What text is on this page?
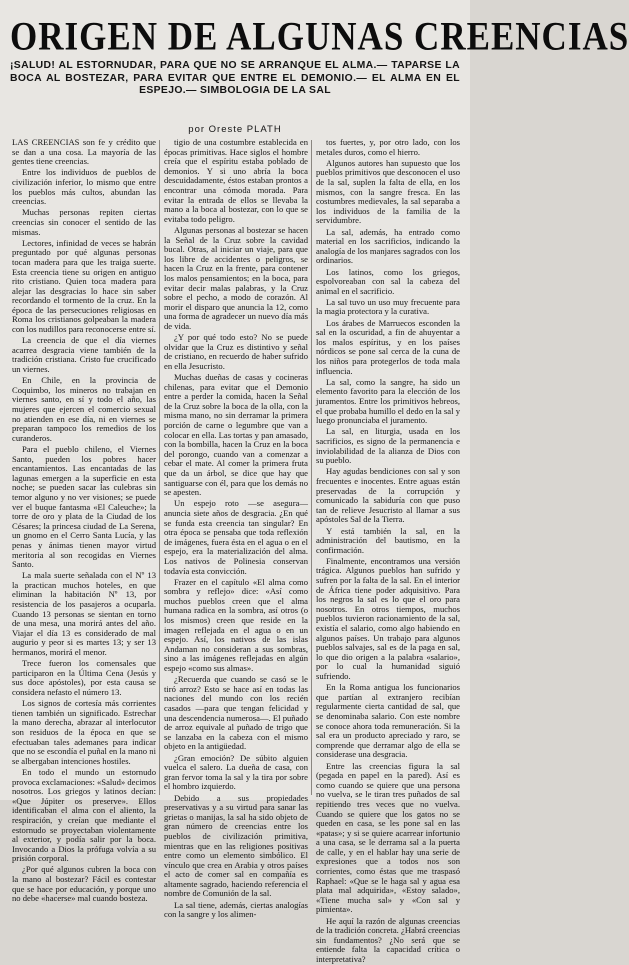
ORIGEN DE ALGUNAS CREENCIAS
¡SALUD! AL ESTORNUDAR, PARA QUE NO SE ARRANQUE EL ALMA.— TAPARSE LA BOCA AL BOSTEZAR, PARA EVITAR QUE ENTRE EL DEMONIO.— EL ALMA EN EL ESPEJO.— SIMBOLOGIA DE LA SAL
por Oreste PLATH

LAS CREENCIAS son fe y crédito que se dan a una cosa. La mayoría de las gentes tiene creencias.

Entre los individuos de pueblos de civilización inferior, lo mismo que entre los pueblos más cultos, abundan las creencias.

Muchas personas repiten ciertas creencias sin conocer el sentido de las mismas.

Lectores, infinidad de veces se habrán preguntado por qué algunas personas tocan madera para que les traiga suerte. Esta creencia tiene su origen en antiguo rito cristiano. Quien toca madera para alejar las desgracias lo hace sin saber recordando el tormento de la cruz. En la época de las persecuciones religiosas en Roma los cristianos golpeaban la madera con los nudillos para reconocerse entre sí.

La creencia de que el día viernes acarrea desgracia viene también de la tradición cristiana. Cristo fue crucificado un viernes.

En Chile, en la provincia de Coquimbo, los mineros no trabajan en viernes santo, en sí y todo el año, las mujeres que ejercen el comercio sexual no atienden en ese día, ni en viernes se preparan tampoco los remedios de los curanderos.

Para el pueblo chileno, el Viernes Santo, pueden los pobres hacer encantamientos. Las encantadas de las lagunas emergen a la superficie en esta noche; se pueden sacar las culebras sin temor alguno y no ver visiones; se puede ver el buque fantasma «El Caleuche»; la torre de oro y plata de la Ciudad de los Césares; la princesa ciudad de La Serena, un gnomo en el Cerro Santa Lucía, y las penas y ánimas tienen mayor virtud meritoria al son recogidas en Viernes Santo.

La mala suerte señalada con el Nº 13 la practican muchos hoteles, en que eliminan la habitación Nº 13, por resistencia de los pasajeros a ocuparla. Cuando 13 personas se sientan en torno de una mesa, una morirá antes del año. Viajar el día 13 es considerado de mal augurio y peor si es martes 13; y ser 13 hermanos, morirá el menor.

Trece fueron los comensales que participaron en la Última Cena (Jesús y sus doce apóstoles), por esta causa se considera nefasto el número 13.

Los signos de cortesía más corrientes tienen también un significado. Estrechar la mano derecha, abrazar al interlocutor son residuos de la época en que se efectuaban tales ademanes para indicar que no se escondía el puñal en la mano ni se albergaban intenciones hostiles.

En todo el mundo un estornudo provoca exclamaciones: «Salud» decimos nosotros. Los griegos y latinos decían: «Que Júpiter os preserve». Ellos identificaban el alma con el aliento, la respiración, y creían que mediante el estornudo se proyectaban violentamente al exterior, y podía salir por la boca. Invocando a Dios la prófuga volvía a su prisión corporal.

¿Por qué algunos cubren la boca con la mano al bostezar? Fácil es contestar que se hace por educación, y porque uno no debe «hacerse» mal cuando bosteza.

tigio de una costumbre establecida en épocas primitivas. Hace siglos el hombre creía que el espíritu estaba poblado de demonios. Y si uno abría la boca descuidadamente, éstos estaban prontos a encontrar una cómoda morada. Para evitar la entrada de ellos se llevaba la mano a la boca al bostezar, con lo que se evitaba todo peligro.

Algunas personas al bostezar se hacen la Señal de la Cruz sobre la cavidad bucal. Otras, al iniciar un viaje, para que los libre de accidentes o peligros, se hacen la Cruz en la frente, para contener los malos pensamientos; en la boca, para evitar decir malas palabras, y la Cruz sobre el pecho, a modo de corazón. Al morir el disparo que anuncia la 12, como una forma de agradecer un nuevo día más de vida.

¿Y por qué todo esto? No se puede olvidar que la Cruz es distintivo y señal de cristiano, en recuerdo de haber sufrido en ella Jesucristo.

Muchas dueñas de casas y cocineras chilenas, para evitar que el Demonio entre a perder la comida, hacen la Señal de la Cruz sobre la boca de la olla, con la misma mano, no sin derramar la primera porción de carne o legumbre que van a colocar en ella. Las tortas y pan amasado, con la bombilla, hacen la Cruz en la boca del porongo, cuando van a comenzar a cebar el mate. Al comer la primera fruta que da un árbol, se dice que hay que santiguarse con él, para que los demás no se apesten.

Un espejo roto —se asegura— anuncia siete años de desgracia. ¿En qué se funda esta creencia tan singular? En otra época se pensaba que toda reflexión de imágenes, fuera ésta en el agua o en el espejo, era la materialización del alma. Los nativos de Polinesia conservan todavía esta convicción.

Frazer en el capítulo «El alma como sombra y reflejo» dice: «Así como muchos pueblos creen que el alma humana radica en la sombra, así otros (o los mismos) creen que reside en la imagen reflejada en el agua o en un espejo. Así, los nativos de las islas Andaman no consideran a sus sombras, sino a las imágenes reflejadas en algún espejo «como sus almas».

¿Recuerda que cuando se casó se le tiró arroz? Esto se hace así en todas las naciones del mundo con los recién casados —para que tengan felicidad y una descendencia numerosa—. El puñado de arroz equivale al puñado de trigo que se lanzaba en la cabeza con el mismo objeto en la antigüedad.

¿Gran emoción? De súbito alguien vuelca el salero. La dueña de casa, con gran fervor toma la sal y la tira por sobre el hombro izquierdo.

Debido a sus propiedades preservativas y a su virtud para sanar las grietas o manijas, la sal ha sido objeto de gran número de creencias entre los pueblos de civilización primitiva, mientras que en las religiones positivas entre como un elemento simbólico. El vínculo que crea en Arabia y otros países el acto de comer sal en compañía es altamente sagrado, haciendo referencia el nombre de Comunión de la sal.

La sal tiene, además, ciertas analogías con la sangre y los alimen-

tos fuertes, y, por otro lado, con los metales duros, como el hierro.

Algunos autores han supuesto que los pueblos primitivos que desconocen el uso de la sal, suplen la falta de ella, en los mismos, con la sangre fresca. En las costumbres medievales, la sal separaba a los individuos de la familia de la servidumbre.

La sal, además, ha entrado como material en los sacrificios, indicando la analogía de los manjares sagrados con los ordinarios.

Los latinos, como los griegos, espolvoreaban con sal la cabeza del animal en el sacrificio.

La sal tuvo un uso muy frecuente para la magia protectora y la curativa.

Los árabes de Marruecos esconden la sal en la oscuridad, a fin de ahuyentar a los malos espíritus, y en los países nórdicos se pone sal cerca de la cuna de los niños para protegerlos de toda mala influencia.

La sal, como la sangre, ha sido un elemento favorito para la elección de los juramentos. Entre los primitivos hebreos, el que probaba humillo el dedo en la sal y luego pronunciaba el juramento.

La sal, en liturgia, usada en los sacrificios, es signo de la permanencia e inviolabilidad de la alianza de Dios con su pueblo.

Hay agudas bendiciones con sal y son frecuentes e inocentes. Entre aguas están preservadas de la corrupción y comunicado la sabiduría con que puso tan de relieve Jesucristo al llamar a sus apóstoles Sal de la Tierra.

Y está también la sal, en la administración del bautismo, en la confirmación.

Finalmente, encontramos una versión trágica. Algunos pueblos han sufrido y sufren por la falta de la sal. En el interior de África tiene poder adquisitivo. Para los negros la sal es lo que el oro para nosotros. En otros tiempos, muchos pueblos tuvieron racionamiento de la sal, existía el salario, como algo habiendo en algunos países. Un trabajo para algunos pueblos salvajes, sal es de la paga en sal, lo que dio origen a la palabra «salario», por lo cual la humanidad siguió sufriendo.

En la Roma antigua los funcionarios que partían al extranjero recibían regularmente cierta cantidad de sal, que se denominaba salario. Con este nombre se conoce ahora toda remuneración. Si la sal era un producto apreciado y raro, se comprende que derramar algo de ella se considerase una desgracia.

Entre las creencias figura la sal (pegada en papel en la pared). Así es como cuando se quiere que una persona no vuelva, se le tiran tres puñados de sal repitiendo tres veces que no vuelva. Cuando se quiere que los gatos no se queden en casa, se les pone sal en las «patas»; y si se quiere acarrear infortunio a una casa, se le derrama sal a la puerta de calle, y en el hablar hay una serie de expresiones que a todos nos son corrientes, como éstas que me traspasó Raphael: «Que se le haga sal y agua esa plata mal adquirida», «Estoy salado», «Tiene mucha sal» y «Con sal y pimienta».

He aquí la razón de algunas creencias de la tradición concreta. ¿Habrá creencias sin fundamentos? ¿No será que se entiende falta la capacidad crítica o interpretativa?
